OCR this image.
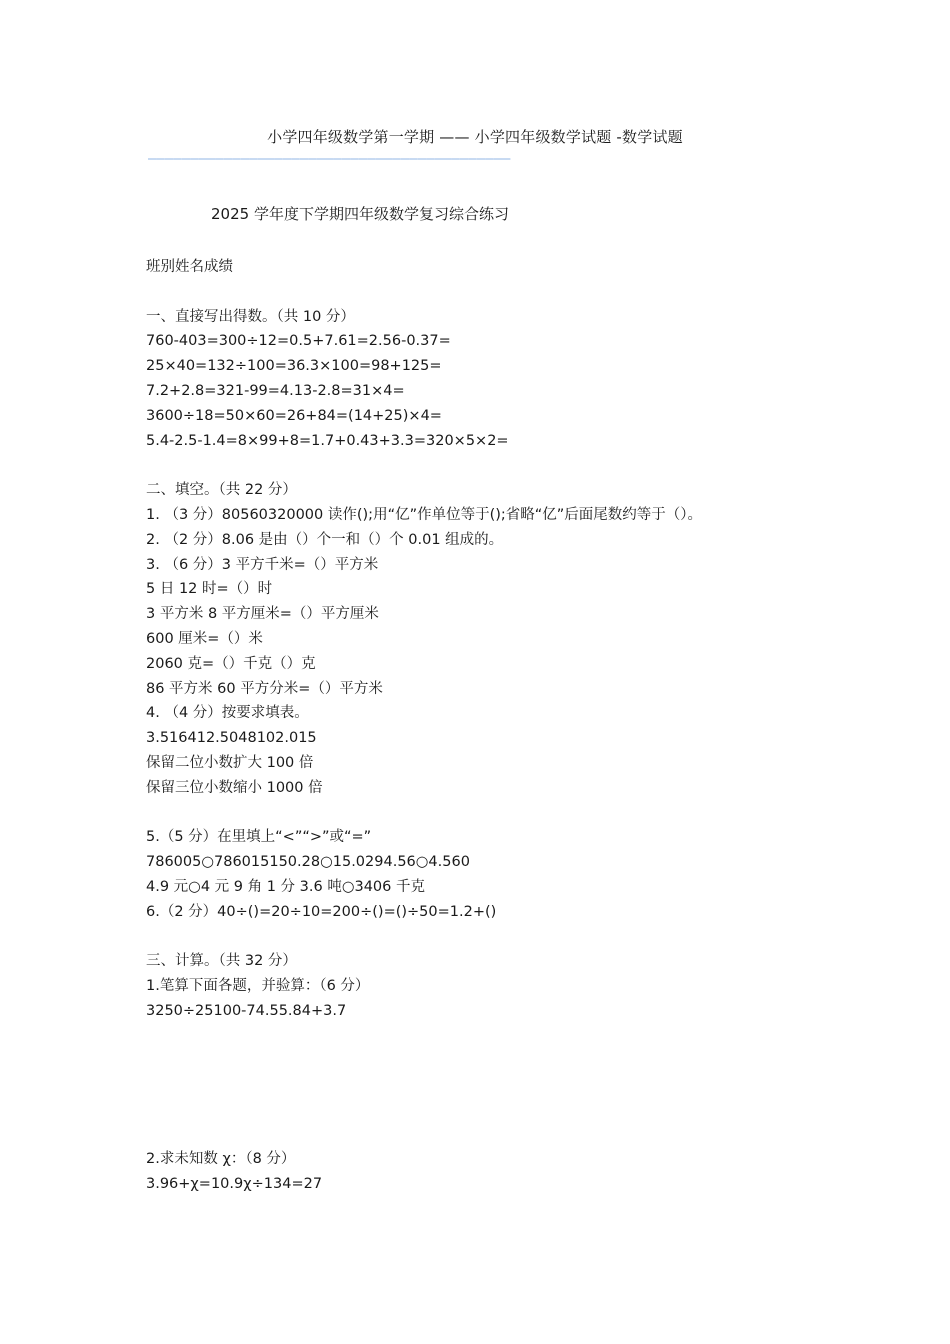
小学四年级数学第一学期 —— 小学四年级数学试题 -数学试题
———————————————————————————————————————————
2025 学年度下学期四年级数学复习综合练习
班别姓名成绩
一、直接写出得数。（共 10 分）
760-403=300÷12=0.5+7.61=2.56-0.37=
25×40=132÷100=36.3×100=98+125=
7.2+2.8=321-99=4.13-2.8=31×4=
3600÷18=50×60=26+84=(14+25)×4=
5.4-2.5-1.4=8×99+8=1.7+0.43+3.3=320×5×2=
二、填空。（共 22 分）
1. （3 分）80560320000 读作();用“亿”作单位等于();省略“亿”后面尾数约等于（）。
2. （2 分）8.06 是由（）个一和（）个 0.01 组成的。
3. （6 分）3 平方千米=（）平方米
5 日 12 时=（）时
3 平方米 8 平方厘米=（）平方厘米
600 厘米=（）米
2060 克=（）千克（）克
86 平方米 60 平方分米=（）平方米
4. （4 分）按要求填表。
3.516412.5048102.015
保留二位小数扩大 100 倍
保留三位小数缩小 1000 倍
5.（5 分）在里填上“<”“>”或“=”
786005○786015150.28○15.0294.56○4.560
4.9 元○4 元 9 角 1 分 3.6 吨○3406 千克
6.（2 分）40÷()=20÷10=200÷()=()÷50=1.2+()
三、计算。（共 32 分）
1.笔算下面各题，并验算：（6 分）
3250÷25100-74.55.84+3.7
2.求未知数 χ：（8 分）
3.96+χ=10.9χ÷134=27
